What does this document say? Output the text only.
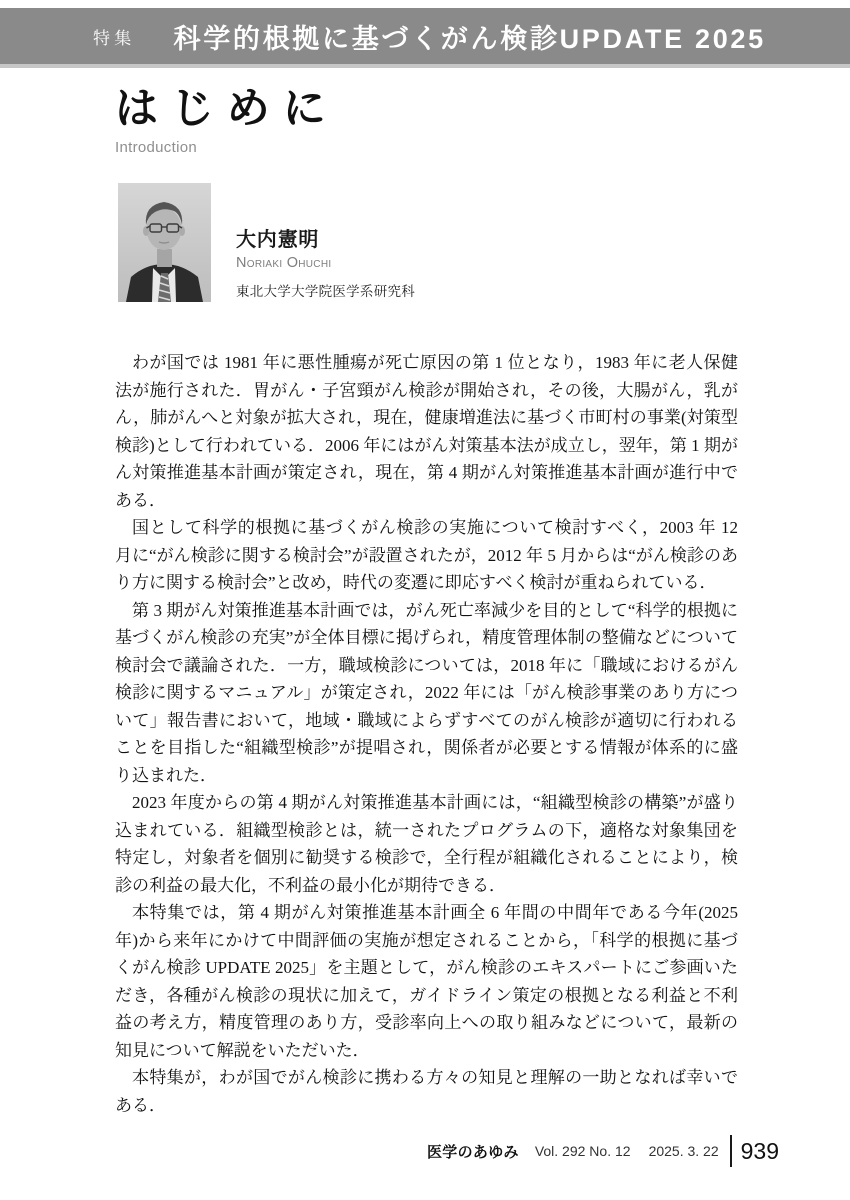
特集 科学的根拠に基づくがん検診UPDATE 2025
はじめに
Introduction
大内憲明
Noriaki Ohuchi
東北大学大学院医学系研究科

わが国では 1981 年に悪性腫瘍が死亡原因の第 1 位となり，1983 年に老人保健法が施行された．胃がん・子宮頸がん検診が開始され，その後，大腸がん，乳がん，肺がんへと対象が拡大され，現在，健康増進法に基づく市町村の事業(対策型検診)として行われている．2006 年にはがん対策基本法が成立し，翌年，第 1 期がん対策推進基本計画が策定され，現在，第 4 期がん対策推進基本計画が進行中である．

国として科学的根拠に基づくがん検診の実施について検討すべく，2003 年 12 月に“がん検診に関する検討会”が設置されたが，2012 年 5 月からは“がん検診のあり方に関する検討会”と改め，時代の変遷に即応すべく検討が重ねられている．

第 3 期がん対策推進基本計画では，がん死亡率減少を目的として“科学的根拠に基づくがん検診の充実”が全体目標に掲げられ，精度管理体制の整備などについて検討会で議論された．一方，職域検診については，2018 年に「職域におけるがん検診に関するマニュアル」が策定され，2022 年には「がん検診事業のあり方について」報告書において，地域・職域によらずすべてのがん検診が適切に行われることを目指した“組織型検診”が提唱され，関係者が必要とする情報が体系的に盛り込まれた．

2023 年度からの第 4 期がん対策推進基本計画には，“組織型検診の構築”が盛り込まれている．組織型検診とは，統一されたプログラムの下，適格な対象集団を特定し，対象者を個別に勧奨する検診で，全行程が組織化されることにより，検診の利益の最大化，不利益の最小化が期待できる．

本特集では，第 4 期がん対策推進基本計画全 6 年間の中間年である今年(2025 年)から来年にかけて中間評価の実施が想定されることから，「科学的根拠に基づくがん検診 UPDATE 2025」を主題として，がん検診のエキスパートにご参画いただき，各種がん検診の現状に加えて，ガイドライン策定の根拠となる利益と不利益の考え方，精度管理のあり方，受診率向上への取り組みなどについて，最新の知見について解説をいただいた．

本特集が，わが国でがん検診に携わる方々の知見と理解の一助となれば幸いである．

医学のあゆみ Vol. 292 No. 12 2025. 3. 22 939
